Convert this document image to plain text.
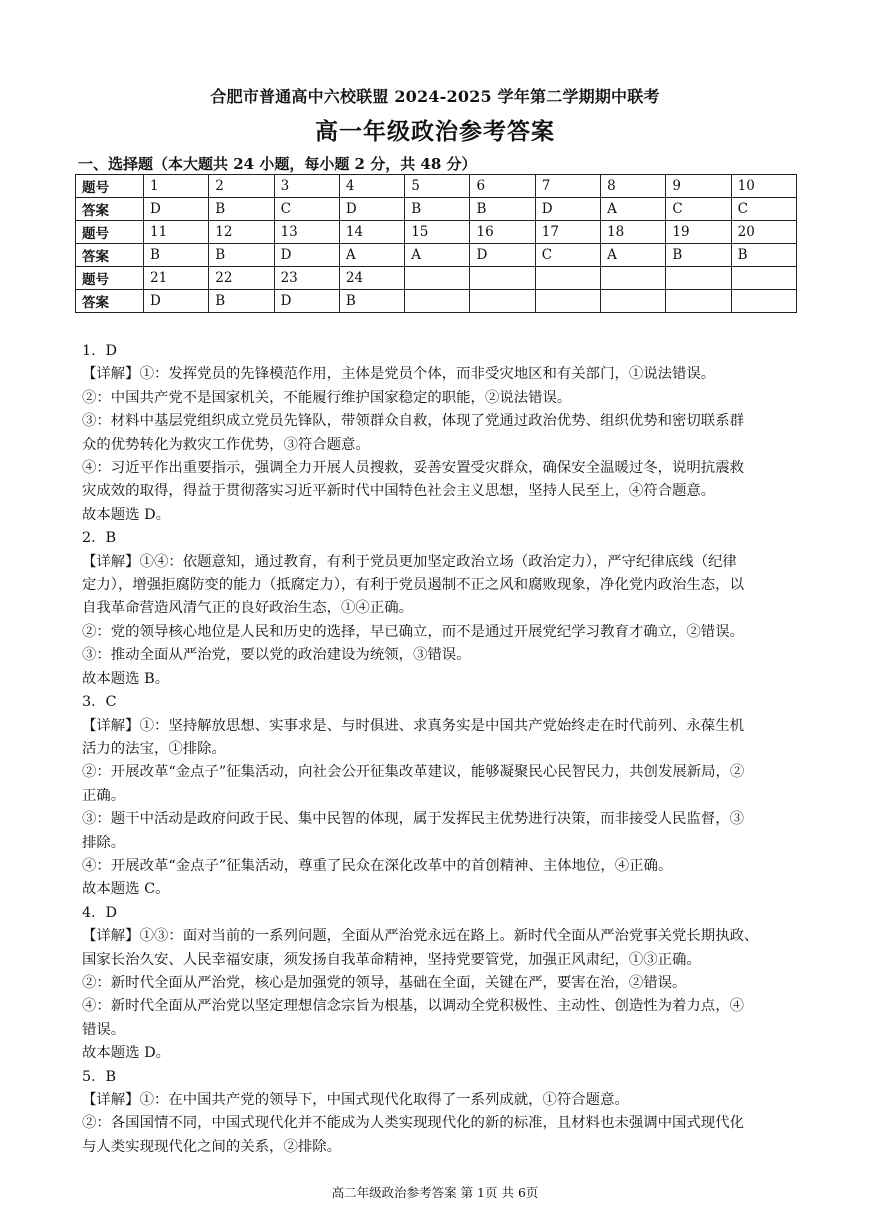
合肥市普通高中六校联盟 2024-2025 学年第二学期期中联考
高一年级政治参考答案
一、选择题（本大题共 24 小题，每小题 2 分，共 48 分）
题号	1	2	3	4	5	6	7	8	9	10
答案	D	B	C	D	B	B	D	A	C	C
题号	11	12	13	14	15	16	17	18	19	20
答案	B	B	D	A	A	D	C	A	B	B
题号	21	22	23	24						
答案	D	B	D	B						

1．D

【详解】①：发挥党员的先锋模范作用，主体是党员个体，而非受灾地区和有关部门，①说法错误。

②：中国共产党不是国家机关，不能履行维护国家稳定的职能，②说法错误。

③：材料中基层党组织成立党员先锋队，带领群众自救，体现了党通过政治优势、组织优势和密切联系群

众的优势转化为救灾工作优势，③符合题意。

④：习近平作出重要指示，强调全力开展人员搜救，妥善安置受灾群众，确保安全温暖过冬，说明抗震救

灾成效的取得，得益于贯彻落实习近平新时代中国特色社会主义思想，坚持人民至上，④符合题意。

故本题选 D。

2．B

【详解】①④：依题意知，通过教育，有利于党员更加坚定政治立场（政治定力），严守纪律底线（纪律

定力），增强拒腐防变的能力（抵腐定力），有利于党员遏制不正之风和腐败现象，净化党内政治生态，以

自我革命营造风清气正的良好政治生态，①④正确。

②：党的领导核心地位是人民和历史的选择，早已确立，而不是通过开展党纪学习教育才确立，②错误。

③：推动全面从严治党，要以党的政治建设为统领，③错误。

故本题选 B。

3．C

【详解】①：坚持解放思想、实事求是、与时俱进、求真务实是中国共产党始终走在时代前列、永葆生机

活力的法宝，①排除。

②：开展改革“金点子”征集活动，向社会公开征集改革建议，能够凝聚民心民智民力，共创发展新局，②

正确。

③：题干中活动是政府问政于民、集中民智的体现，属于发挥民主优势进行决策，而非接受人民监督，③

排除。

④：开展改革“金点子”征集活动，尊重了民众在深化改革中的首创精神、主体地位，④正确。

故本题选 C。

4．D

【详解】①③：面对当前的一系列问题，全面从严治党永远在路上。新时代全面从严治党事关党长期执政、

国家长治久安、人民幸福安康，须发扬自我革命精神，坚持党要管党，加强正风肃纪，①③正确。

②：新时代全面从严治党，核心是加强党的领导，基础在全面，关键在严，要害在治，②错误。

④：新时代全面从严治党以坚定理想信念宗旨为根基，以调动全党积极性、主动性、创造性为着力点，④

错误。

故本题选 D。

5．B

【详解】①：在中国共产党的领导下，中国式现代化取得了一系列成就，①符合题意。

②：各国国情不同，中国式现代化并不能成为人类实现现代化的新的标准，且材料也未强调中国式现代化

与人类实现现代化之间的关系，②排除。

高二年级政治参考答案 第 1页 共 6页
